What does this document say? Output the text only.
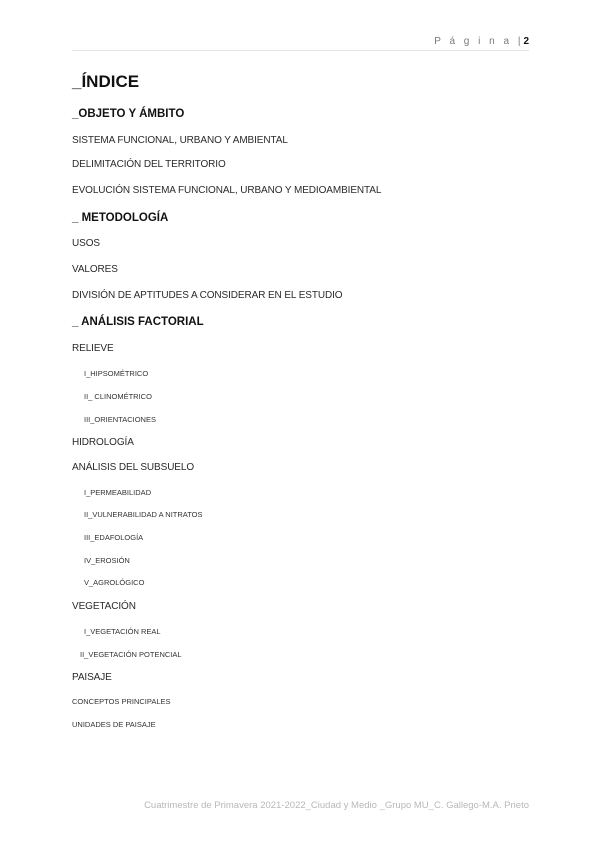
P á g i n a |2
_ÍNDICE
_OBJETO Y ÁMBITO
SISTEMA FUNCIONAL, URBANO Y AMBIENTAL
DELIMITACIÓN DEL TERRITORIO
EVOLUCIÓN SISTEMA FUNCIONAL, URBANO Y MEDIOAMBIENTAL
_ METODOLOGÍA
USOS
VALORES
DIVISIÓN DE APTITUDES A CONSIDERAR EN EL ESTUDIO
_ ANÁLISIS FACTORIAL
RELIEVE
I_HIPSOMÉTRICO
II_ CLINOMÉTRICO
III_ORIENTACIONES
HIDROLOGÍA
ANÁLISIS DEL SUBSUELO
I_PERMEABILIDAD
II_VULNERABILIDAD A NITRATOS
III_EDAFOLOGÍA
IV_EROSIÓN
V_AGROLÓGICO
VEGETACIÓN
I_VEGETACIÓN REAL
II_VEGETACIÓN POTENCIAL
PAISAJE
CONCEPTOS PRINCIPALES
UNIDADES DE PAISAJE
Cuatrimestre de Primavera 2021-2022_Ciudad y Medio _Grupo MU_C. Gallego-M.A. Prieto
